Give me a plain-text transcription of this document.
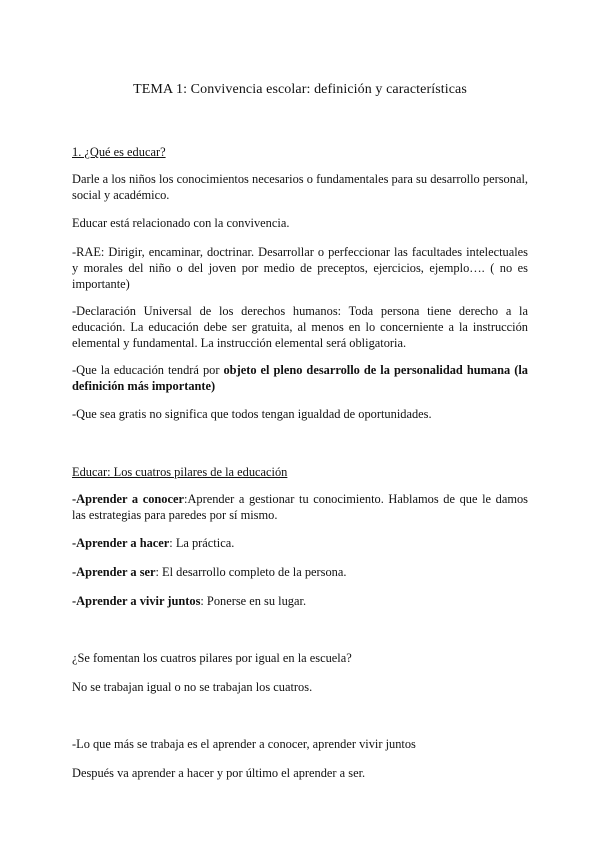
TEMA 1: Convivencia escolar: definición y características
1. ¿Qué es educar?

Darle a los niños los conocimientos necesarios o fundamentales para su desarrollo personal, social y académico.

Educar está relacionado con la convivencia.

-RAE: Dirigir, encaminar, doctrinar. Desarrollar o perfeccionar las facultades intelectuales y morales del niño o del joven por medio de preceptos, ejercicios, ejemplo…. ( no es importante)

-Declaración Universal de los derechos humanos: Toda persona tiene derecho a la educación. La educación debe ser gratuita, al menos en lo concerniente a la instrucción elemental y fundamental. La instrucción elemental será obligatoria.

-Que la educación tendrá por objeto el pleno desarrollo de la personalidad humana (la definición más importante)

-Que sea gratis no significa que todos tengan igualdad de oportunidades.

Educar: Los cuatros pilares de la educación

-Aprender a conocer:Aprender a gestionar tu conocimiento. Hablamos de que le damos las estrategias para paredes por sí mismo.

-Aprender a hacer: La práctica.

-Aprender a ser: El desarrollo completo de la persona.

-Aprender a vivir juntos: Ponerse en su lugar.

¿Se fomentan los cuatros pilares por igual en la escuela?

No se trabajan igual o no se trabajan los cuatros.

-Lo que más se trabaja es el aprender a conocer, aprender vivir juntos

Después va aprender a hacer y por último el aprender a ser.
